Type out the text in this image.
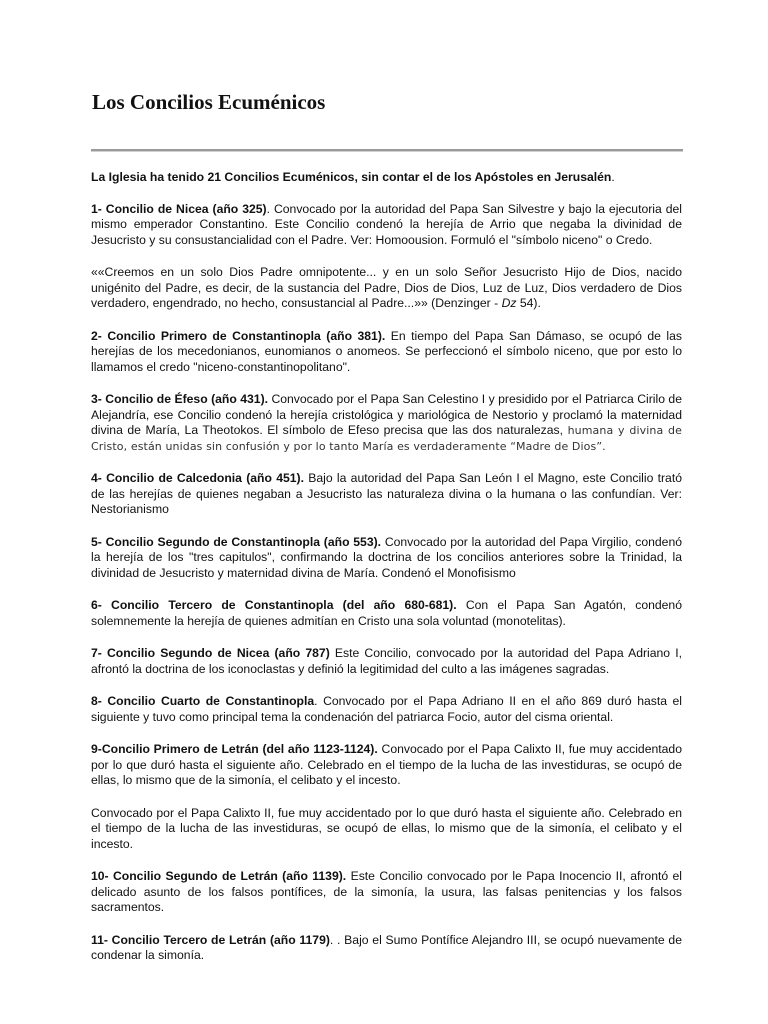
Los Concilios Ecuménicos

La Iglesia ha tenido 21 Concilios Ecuménicos, sin contar el de los Apóstoles en Jerusalén.

1- Concilio de Nicea (año 325). Convocado por la autoridad del Papa San Silvestre y bajo la ejecutoria del mismo emperador Constantino. Este Concilio condenó la herejía de Arrio que negaba la divinidad de Jesucristo y su consustancialidad con el Padre. Ver: Homoousion. Formuló el "símbolo niceno" o Credo.

««Creemos en un solo Dios Padre omnipotente... y en un solo Señor Jesucristo Hijo de Dios, nacido unigénito del Padre, es decir, de la sustancia del Padre, Dios de Dios, Luz de Luz, Dios verdadero de Dios verdadero, engendrado, no hecho, consustancial al Padre...»» (Denzinger - Dz 54).

2- Concilio Primero de Constantinopla (año 381). En tiempo del Papa San Dámaso, se ocupó de las herejías de los mecedonianos, eunomianos o anomeos. Se perfeccionó el símbolo niceno, que por esto lo llamamos el credo "niceno-constantinopolitano".

3- Concilio de Éfeso (año 431). Convocado por el Papa San Celestino I y presidido por el Patriarca Cirilo de Alejandría, ese Concilio condenó la herejía cristológica y mariológica de Nestorio y proclamó la maternidad divina de María, La Theotokos. El símbolo de Efeso precisa que las dos naturalezas, humana y divina de Cristo, están unidas sin confusión y por lo tanto María es verdaderamente “Madre de Dios”.

4- Concilio de Calcedonia (año 451). Bajo la autoridad del Papa San León I el Magno, este Concilio trató de las herejías de quienes negaban a Jesucristo las naturaleza divina o la humana o las confundían. Ver: Nestorianismo

5- Concilio Segundo de Constantinopla (año 553). Convocado por la autoridad del Papa Virgilio, condenó la herejía de los "tres capitulos", confirmando la doctrina de los concilios anteriores sobre la Trinidad, la divinidad de Jesucristo y maternidad divina de María. Condenó el Monofisismo

6- Concilio Tercero de Constantinopla (del año 680-681). Con el Papa San Agatón, condenó solemnemente la herejía de quienes admitían en Cristo una sola voluntad (monotelitas).

7- Concilio Segundo de Nicea (año 787) Este Concilio, convocado por la autoridad del Papa Adriano I, afrontó la doctrina de los iconoclastas y definió la legitimidad del culto a las imágenes sagradas.

8- Concilio Cuarto de Constantinopla. Convocado por el Papa Adriano II en el año 869 duró hasta el siguiente y tuvo como principal tema la condenación del patriarca Focio, autor del cisma oriental.

9-Concilio Primero de Letrán (del año 1123-1124). Convocado por el Papa Calixto II, fue muy accidentado por lo que duró hasta el siguiente año. Celebrado en el tiempo de la lucha de las investiduras, se ocupó de ellas, lo mismo que de la simonía, el celibato y el incesto.

Convocado por el Papa Calixto II, fue muy accidentado por lo que duró hasta el siguiente año. Celebrado en el tiempo de la lucha de las investiduras, se ocupó de ellas, lo mismo que de la simonía, el celibato y el incesto.

10- Concilio Segundo de Letrán (año 1139). Este Concilio convocado por le Papa Inocencio II, afrontó el delicado asunto de los falsos pontífices, de la simonía, la usura, las falsas penitencias y los falsos sacramentos.

11- Concilio Tercero de Letrán (año 1179). . Bajo el Sumo Pontífice Alejandro III, se ocupó nuevamente de condenar la simonía.
